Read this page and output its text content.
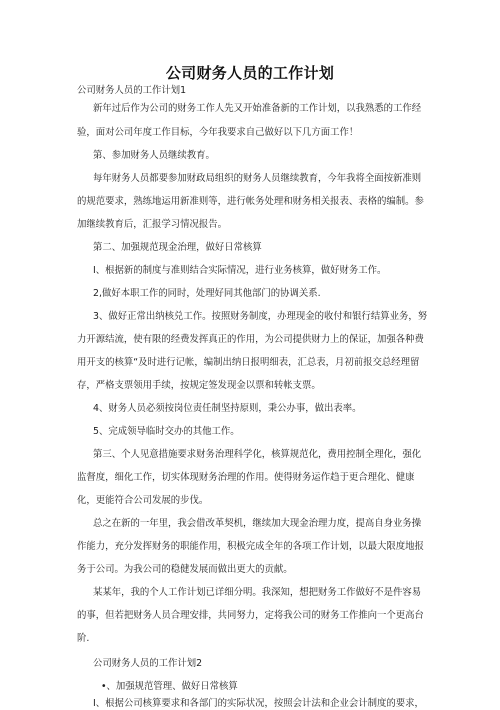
公司财务人员的工作计划
公司财务人员的工作计划1
新年过后作为公司的财务工作人先又开始准备新的工作计划，以我熟悉的工作经
验，面对公司年度工作目标，今年我要求自己做好以下几方面工作！
第、参加财务人员继续教育。
每年财务人员都要参加财政局组织的财务人员继续教育，今年我将全面按新准则
的规范要求，熟练地运用新准则等，进行帐务处理和财务相关报表、表格的编制。参
加继续教育后，汇报学习情况报告。
第二、加强规范现金治理，做好日常核算
I、根据新的制度与准则结合实际情况，进行业务核算，做好财务工作。
2,做好本职工作的同时，处理好同其他部门的协调关系.
3、做好正常出纳核兑工作。按照财务制度，办理现金的收付和银行结算业务，努
力开源结流，使有限的经费发挥真正的作用，为公司提供财力上的保证，加强各种费
用开支的核算“及时进行记帐，编制出纳日报明细表，汇总表，月初前报交总经理留
存，严格支票领用手续，按规定签发现金以票和转帐支票。
4、财务人员必须按岗位责任制坚持原则，秉公办事，做出表率。
5、完成领导临时交办的其他工作。
第三、个人见意措施要求财务治理科学化，核算规范化，费用控制全理化，强化
监督度，细化工作，切实体现财务治理的作用。使得财务运作趋于更合理化、健康
化，更能符合公司发展的步伐。
总之在新的一年里，我会借改革契机，继续加大现金治理力度，提高自身业务操
作能力，充分发挥财务的职能作用，积极完成全年的各项工作计划，以最大限度地报
务于公司。为我公司的稳健发展而做出更大的贡献。
某某年，我的个人工作计划已详细分明。我深知，想把财务工作做好不是件容易
的事，但若把财务人员合理安排，共同努力，定将我公司的财务工作推向一个更高台
阶.
公司财务人员的工作计划2
•、加强规范管理、做好日常核算
I、根据公司核算要求和各部门的实际状况，按照会计法和企业会计制度的要求，
